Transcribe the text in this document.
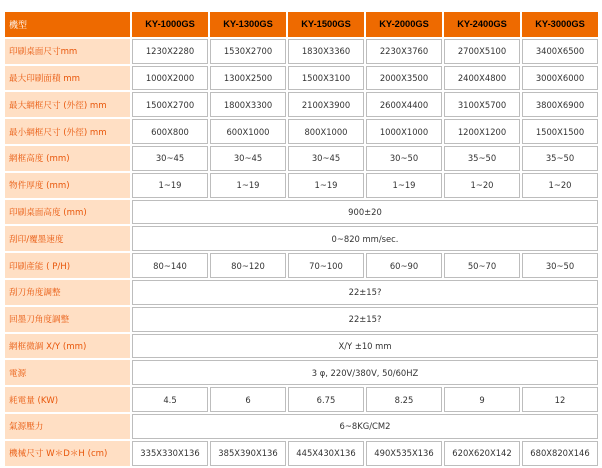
機型	KY-1000GS	KY-1300GS	KY-1500GS	KY-2000GS	KY-2400GS	KY-3000GS
印刷桌面尺寸mm	1230X2280	1530X2700	1830X3360	2230X3760	2700X5100	3400X6500
最大印刷面積 mm	1000X2000	1300X2500	1500X3100	2000X3500	2400X4800	3000X6000
最大網框尺寸 (外徑) mm	1500X2700	1800X3300	2100X3900	2600X4400	3100X5700	3800X6900
最小網框尺寸 (外徑) mm	600X800	600X1000	800X1000	1000X1000	1200X1200	1500X1500
網框高度 (mm)	30~45	30~45	30~45	30~50	35~50	35~50
物件厚度 (mm)	1~19	1~19	1~19	1~19	1~20	1~20
印刷桌面高度 (mm)	900±20					
刮印/覆墨速度	0~820 mm/sec.					
印刷產能 ( P/H)	80~140	80~120	70~100	60~90	50~70	30~50
刮刀角度調整	22±15?					
回墨刀角度調整	22±15?					
網框微調 X/Y (mm)	X/Y ±10 mm					
電源	3 φ, 220V/380V, 50/60HZ					
耗電量 (KW)	4.5	6	6.75	8.25	9	12
氣源壓力	6~8KG/CM2					
機械尺寸 W＊D＊H (cm)	335X330X136	385X390X136	445X430X136	490X535X136	620X620X142	680X820X146
